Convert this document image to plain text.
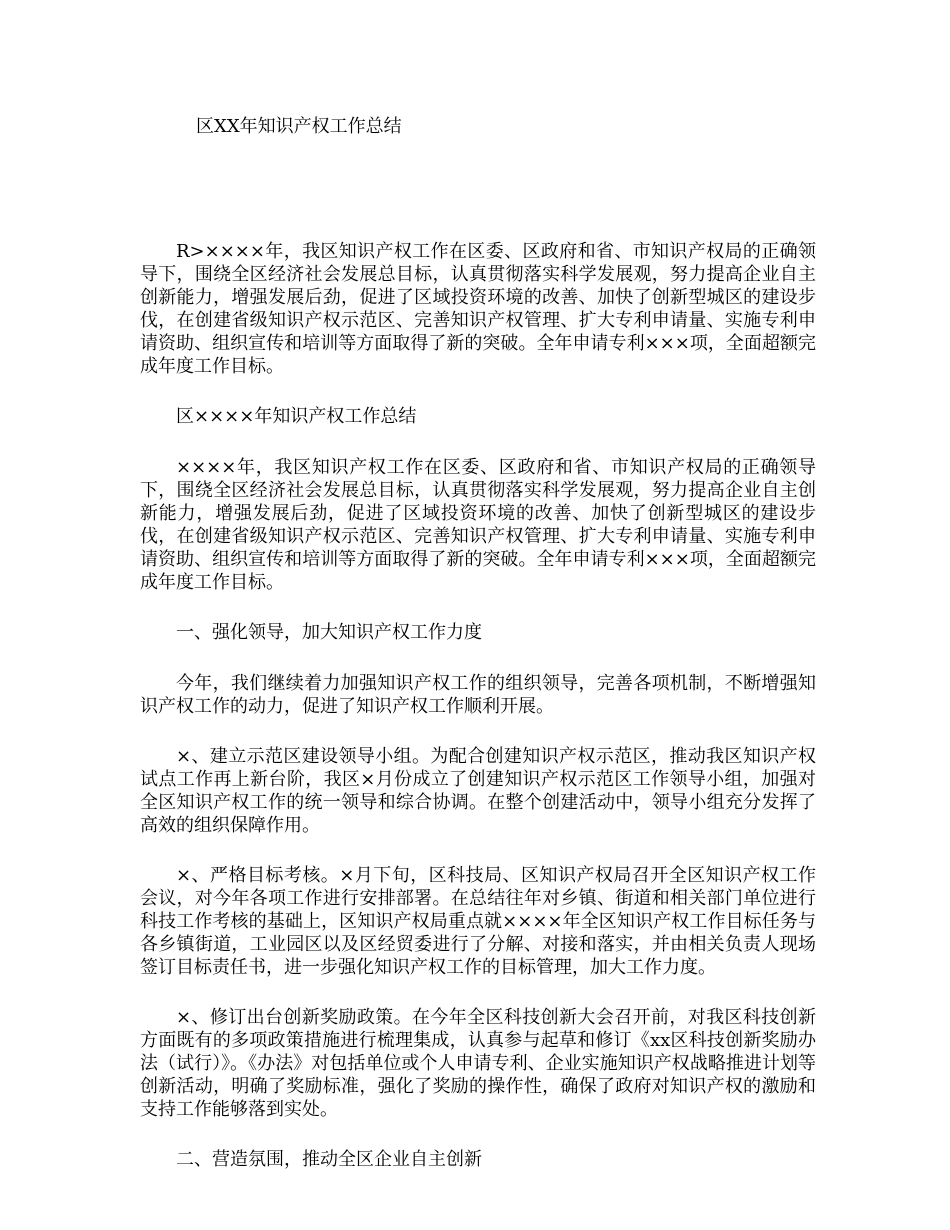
区XX年知识产权工作总结

R>××××年，我区知识产权工作在区委、区政府和省、市知识产权局的正确领导下，围绕全区经济社会发展总目标，认真贯彻落实科学发展观，努力提高企业自主创新能力，增强发展后劲，促进了区域投资环境的改善、加快了创新型城区的建设步伐，在创建省级知识产权示范区、完善知识产权管理、扩大专利申请量、实施专利申请资助、组织宣传和培训等方面取得了新的突破。全年申请专利×××项，全面超额完成年度工作目标。

区××××年知识产权工作总结

××××年，我区知识产权工作在区委、区政府和省、市知识产权局的正确领导下，围绕全区经济社会发展总目标，认真贯彻落实科学发展观，努力提高企业自主创新能力，增强发展后劲，促进了区域投资环境的改善、加快了创新型城区的建设步伐，在创建省级知识产权示范区、完善知识产权管理、扩大专利申请量、实施专利申请资助、组织宣传和培训等方面取得了新的突破。全年申请专利×××项，全面超额完成年度工作目标。

一、强化领导，加大知识产权工作力度

今年，我们继续着力加强知识产权工作的组织领导，完善各项机制，不断增强知识产权工作的动力，促进了知识产权工作顺利开展。

×、建立示范区建设领导小组。为配合创建知识产权示范区，推动我区知识产权试点工作再上新台阶，我区×月份成立了创建知识产权示范区工作领导小组，加强对全区知识产权工作的统一领导和综合协调。在整个创建活动中，领导小组充分发挥了高效的组织保障作用。

×、严格目标考核。×月下旬，区科技局、区知识产权局召开全区知识产权工作会议，对今年各项工作进行安排部署。在总结往年对乡镇、街道和相关部门单位进行科技工作考核的基础上，区知识产权局重点就××××年全区知识产权工作目标任务与各乡镇街道，工业园区以及区经贸委进行了分解、对接和落实，并由相关负责人现场签订目标责任书，进一步强化知识产权工作的目标管理，加大工作力度。

×、修订出台创新奖励政策。在今年全区科技创新大会召开前，对我区科技创新方面既有的多项政策措施进行梳理集成，认真参与起草和修订《xx区科技创新奖励办法（试行）》。《办法》对包括单位或个人申请专利、企业实施知识产权战略推进计划等创新活动，明确了奖励标准，强化了奖励的操作性，确保了政府对知识产权的激励和支持工作能够落到实处。

二、营造氛围，推动全区企业自主创新
